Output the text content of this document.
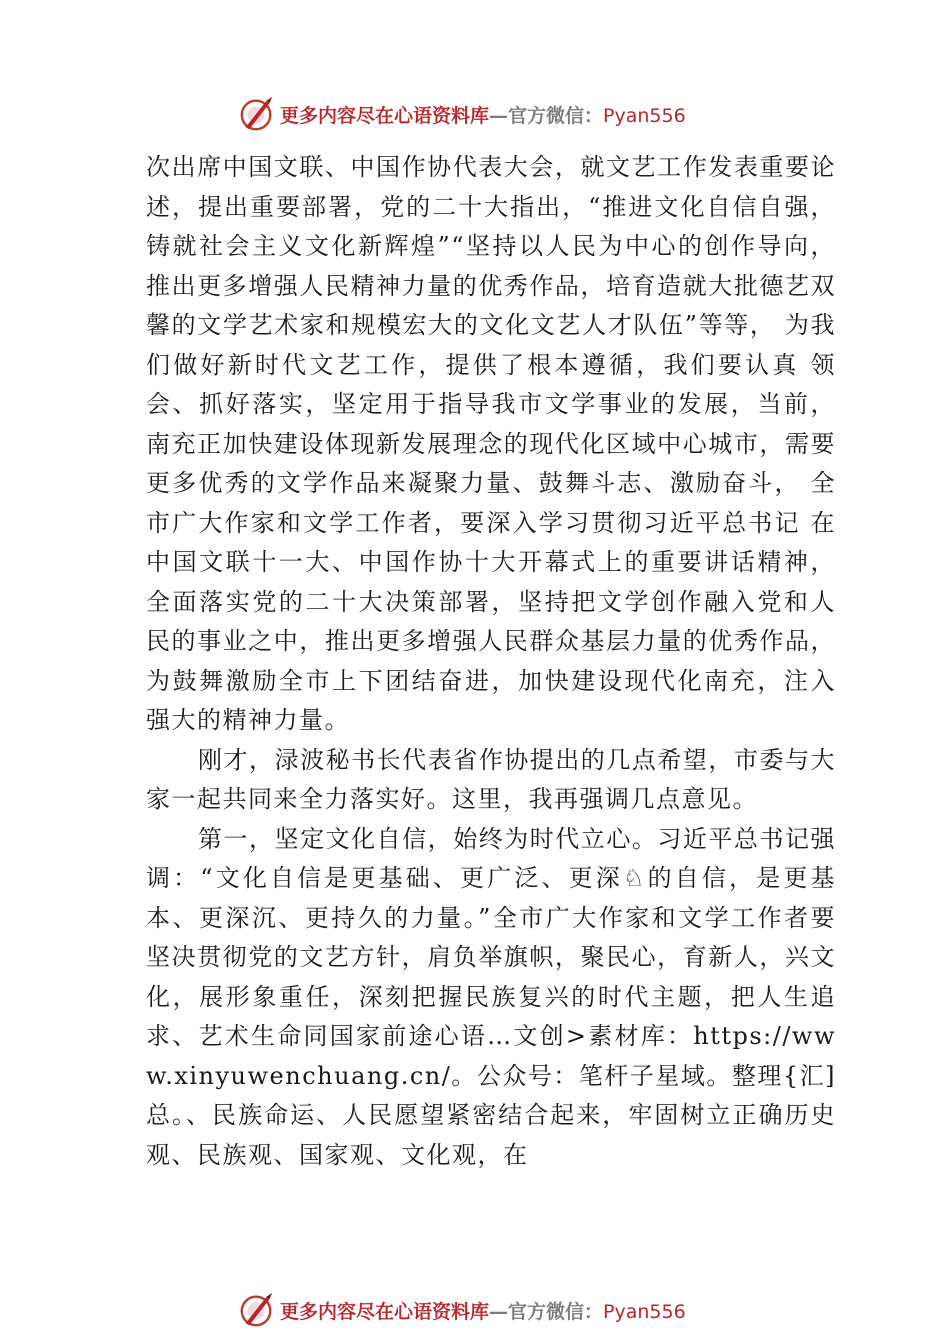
更多内容尽在心语资料库—官方微信：Pyan556

次出席中国文联、中国作协代表大会，就文艺工作发表重要论述，提出重要部署，党的二十大指出，“推进文化自信自强，铸就社会主义文化新辉煌”“坚持以人民为中心的创作导向，推出更多增强人民精神力量的优秀作品，培育造就大批德艺双馨的文学艺术家和规模宏大的文化文艺人才队伍”等等， 为我们做好新时代文艺工作，提供了根本遵循，我们要认真 领会、抓好落实，坚定用于指导我市文学事业的发展，当前， 南充正加快建设体现新发展理念的现代化区域中心城市，需要更多优秀的文学作品来凝聚力量、鼓舞斗志、激励奋斗， 全市广大作家和文学工作者，要深入学习贯彻习近平总书记 在中国文联十一大、中国作协十大开幕式上的重要讲话精神， 全面落实党的二十大决策部署，坚持把文学创作融入党和人 民的事业之中，推出更多增强人民群众基层力量的优秀作品， 为鼓舞激励全市上下团结奋进，加快建设现代化南充，注入 强大的精神力量。

刚才，渌波秘书长代表省作协提出的几点希望，市委与大家一起共同来全力落实好。这里，我再强调几点意见。

第一，坚定文化自信，始终为时代立心。习近平总书记强调：“文化自信是更基础、更广泛、更深♘的自信，是更基本、更深沉、更持久的力量。”全市广大作家和文学工作者要坚决贯彻党的文艺方针，肩负举旗帜，聚民心，育新人，兴文化，展形象重任，深刻把握民族复兴的时代主题，把人生追求、艺术生命同国家前途心语…文创>素材库：https://www.xinyuwenchuang.cn/。公众号：笔杆子星域。整理{汇]总。、民族命运、人民愿望紧密结合起来，牢固树立正确历史观、民族观、国家观、文化观，在

更多内容尽在心语资料库—官方微信：Pyan556
